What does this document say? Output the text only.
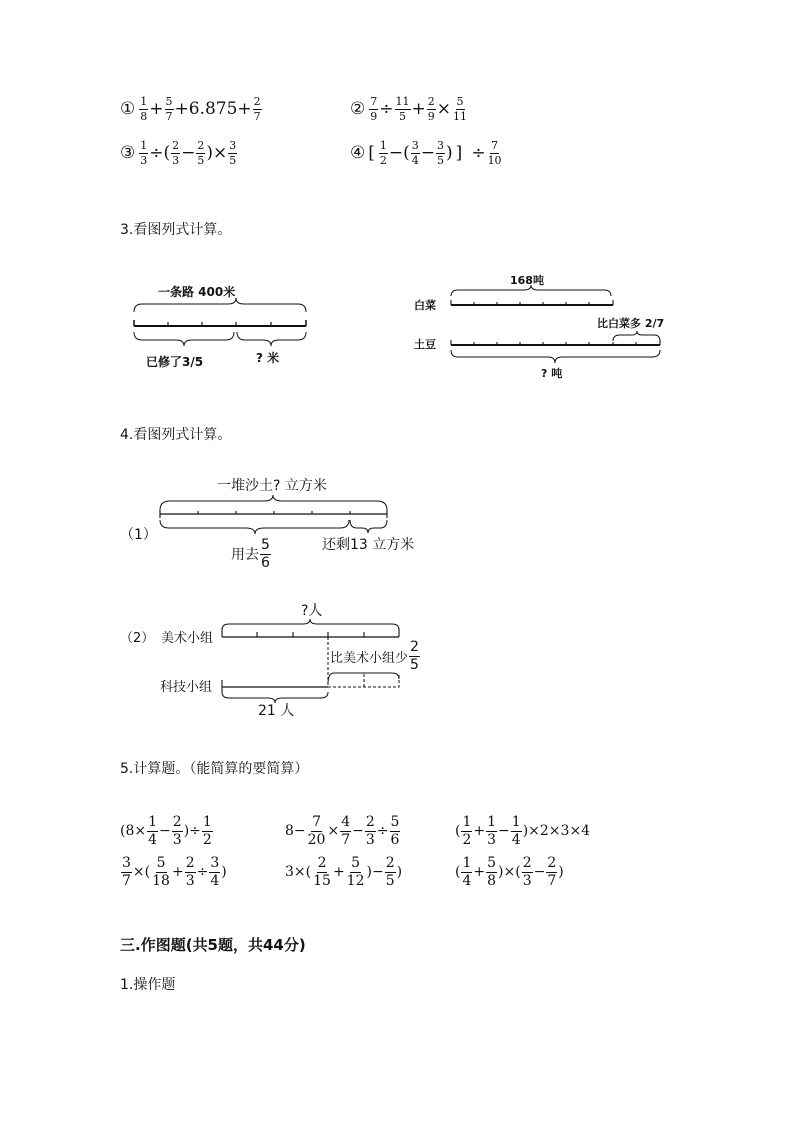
① $\frac{1}{8} + \frac{5}{7} + 6.875 + \frac{2}{7}$	② $\frac{7}{9} \div \frac{11}{5} + \frac{2}{9} \times \frac{5}{11}$
③ $\frac{1}{3}$ ÷ ( $\frac{2}{3} - \frac{2}{5}$ ) × $\frac{3}{5}$	④ [ $\frac{1}{2}$ − ( $\frac{3}{4} - \frac{3}{5}$ ) ] ÷ $\frac{7}{10}$
3.看图列式计算。
一条路 400米
已修了3/5	? 米
168吨
白菜
土豆
比白菜多 2/7
? 吨
4.看图列式计算。
一堆沙土? 立方米
（1）
用去 $\frac{5}{6}$	还剩13 立方米
?人
（2） 美术小组
科技小组
比美术小组少 $\frac{2}{5}$
21 人
5.计算题。（能简算的要简算）
($8\times \frac{1}{4} - \frac{2}{3}$ )÷ $\frac{1}{2}$	$8- \frac{7}{20} \times \frac{4}{7} - \frac{2}{3} \div \frac{5}{6}$	( $\frac{1}{2} + \frac{1}{3} - \frac{1}{4} )\times 2\times 3\times 4$
$\frac{3}{7}$ ×( $\frac{5}{18} + \frac{2}{3} \div \frac{3}{4}$ )	$3\times( \frac{2}{15} + \frac{5}{12}$ )− $\frac{2}{5}$ )	( $\frac{1}{4} + \frac{5}{8}$ )×( $\frac{2}{3} - \frac{2}{7}$ )
三.作图题(共5题，共44分)
1.操作题
